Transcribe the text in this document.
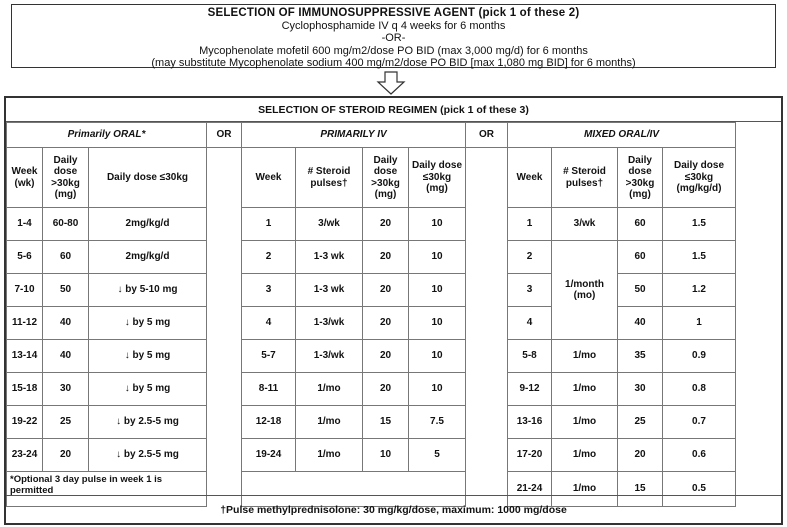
SELECTION OF IMMUNOSUPPRESSIVE AGENT (pick 1 of these 2)
Cyclophosphamide IV q 4 weeks for 6 months
-OR-
Mycophenolate mofetil 600 mg/m2/dose PO BID (max 3,000 mg/d) for 6 months
(may substitute Mycophenolate sodium 400 mg/m2/dose PO BID [max 1,080 mg BID] for 6 months)
SELECTION OF STEROID REGIMEN (pick 1 of these 3)
Primarily ORAL*			OR	PRIMARILY IV				OR	MIXED ORAL/IV			
Week (wk)	Daily dose >30kg (mg)	Daily dose ≤30kg		Week	# Steroid pulses†	Daily dose >30kg (mg)	Daily dose ≤30kg (mg)		Week	# Steroid pulses†	Daily dose >30kg (mg)	Daily dose ≤30kg (mg/kg/d)
1-4	60-80	2mg/kg/d		1	3/wk	20	10		1	3/wk	60	1.5
5-6	60	2mg/kg/d		2	1-3 wk	20	10		2	1/month (mo)	60	1.5
7-10	50	↓ by 5-10 mg		3	1-3 wk	20	10		3		50	1.2
11-12	40	↓ by 5 mg		4	1-3/wk	20	10		4		40	1
13-14	40	↓ by 5 mg		5-7	1-3/wk	20	10		5-8	1/mo	35	0.9
15-18	30	↓ by 5 mg		8-11	1/mo	20	10		9-12	1/mo	30	0.8
19-22	25	↓ by 2.5-5 mg		12-18	1/mo	15	7.5		13-16	1/mo	25	0.7
23-24	20	↓ by 2.5-5 mg		19-24	1/mo	10	5		17-20	1/mo	20	0.6
*Optional 3 day pulse in week 1 is permitted									21-24	1/mo	15	0.5
†Pulse methylprednisolone: 30 mg/kg/dose, maximum: 1000 mg/dose
